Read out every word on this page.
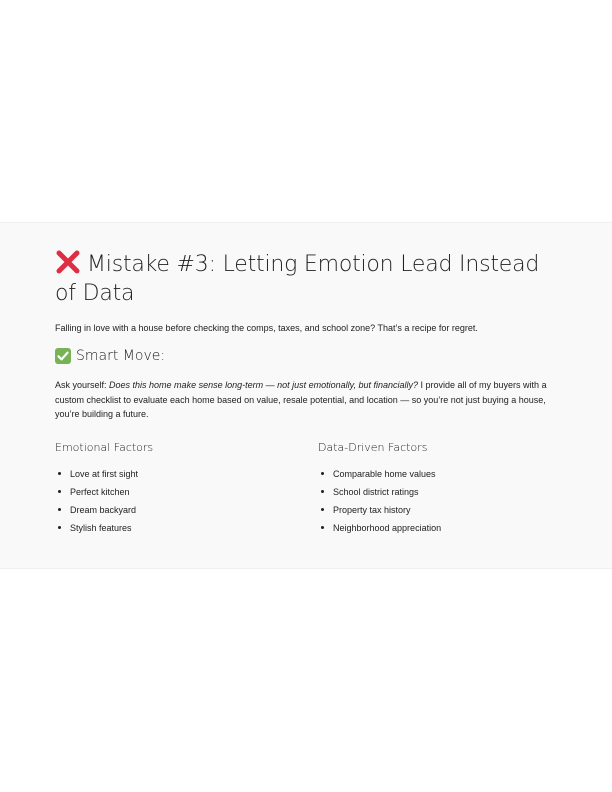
Mistake #3: Letting Emotion Lead Instead of Data

Falling in love with a house before checking the comps, taxes, and school zone? That’s a recipe for regret.

Smart Move:

Ask yourself: Does this home make sense long-term — not just emotionally, but financially? I provide all of my buyers with a custom checklist to evaluate each home based on value, resale potential, and location — so you’re not just buying a house, you’re building a future.

Emotional Factors
Love at first sight
Perfect kitchen
Dream backyard
Stylish features
Data-Driven Factors
Comparable home values
School district ratings
Property tax history
Neighborhood appreciation
